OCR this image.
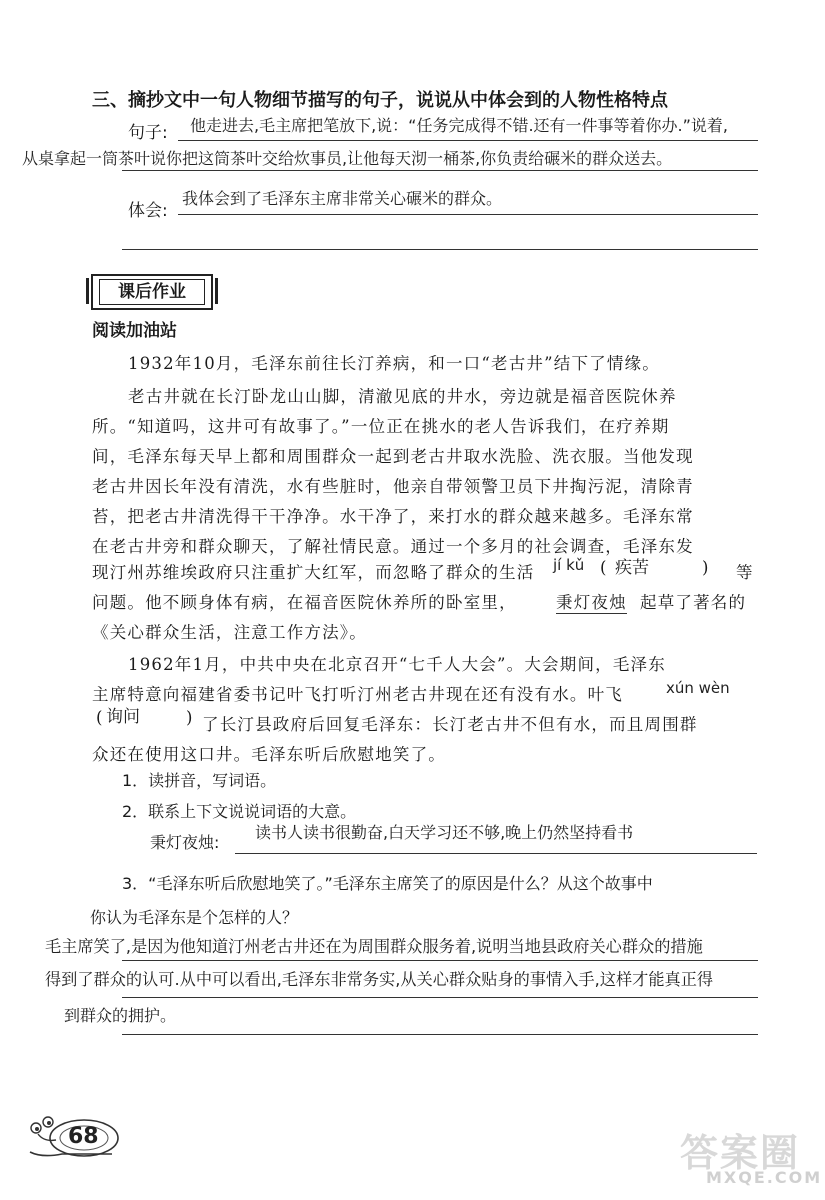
三、摘抄文中一句人物细节描写的句子，说说从中体会到的人物性格特点
句子: 他走进去,毛主席把笔放下,说：“任务完成得不错.还有一件事等着你办.”说着,
从桌拿起一筒茶叶说你把这筒茶叶交给炊事员,让他每天沏一桶茶,你负责给碾米的群众送去。
体会:
我体会到了毛泽东主席非常关心碾米的群众。
课后作业
阅读加油站
1932年10月，毛泽东前往长汀养病，和一口“老古井”结下了情缘。
老古井就在长汀卧龙山山脚，清澈见底的井水，旁边就是福音医院休养
所。“知道吗，这井可有故事了。”一位正在挑水的老人告诉我们，在疗养期
间，毛泽东每天早上都和周围群众一起到老古井取水洗脸、洗衣服。当他发现
老古井因长年没有清洗，水有些脏时，他亲自带领警卫员下井掏污泥，清除青
苔，把老古井清洗得干干净净。水干净了，来打水的群众越来越多。毛泽东常
在老古井旁和群众聊天，了解社情民意。通过一个多月的社会调查，毛泽东发
现汀州苏维埃政府只注重扩大红军，而忽略了群众的生活 jí kǔ ( 疾苦	) 等
问题。他不顾身体有病，在福音医院休养所的卧室里， 秉灯夜烛 起草了著名的
《关心群众生活，注意工作方法》。
1962年1月，中共中央在北京召开“七千人大会”。大会期间，毛泽东
主席特意向福建省委书记叶飞打听汀州老古井现在还有没有水。叶飞	xún wèn
( 询问	) 了长汀县政府后回复毛泽东：长汀老古井不但有水，而且周围群
众还在使用这口井。毛泽东听后欣慰地笑了。
1．读拼音，写词语。
2．联系上下文说说词语的大意。
秉灯夜烛:
读书人读书很勤奋,白天学习还不够,晚上仍然坚持看书
3．“毛泽东听后欣慰地笑了。”毛泽东主席笑了的原因是什么？从这个故事中
你认为毛泽东是个怎样的人？
毛主席笑了,是因为他知道汀州老古井还在为周围群众服务着,说明当地县政府关心群众的措施
得到了群众的认可.从中可以看出,毛泽东非常务实,从关心群众贴身的事情入手,这样才能真正得
到群众的拥护。
68	答案圈
MXQE.COM
